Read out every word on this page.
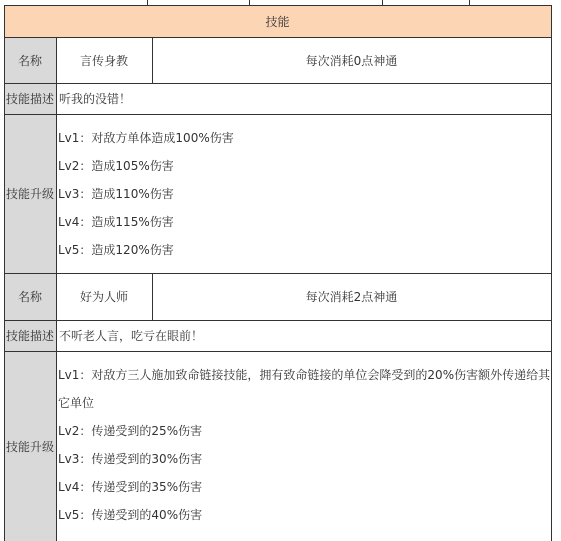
技能
名称	言传身教	每次消耗0点神通
技能描述 听我的没错！
技能升级
Lv1：对敌方单体造成100%伤害
Lv2：造成105%伤害
Lv3：造成110%伤害
Lv4：造成115%伤害
Lv5：造成120%伤害
名称	好为人师	每次消耗2点神通
技能描述 不听老人言，吃亏在眼前！
技能升级
Lv1：对敌方三人施加致命链接技能，拥有致命链接的单位会降受到的20%伤害额外传递给其
它单位
Lv2：传递受到的25%伤害
Lv3：传递受到的30%伤害
Lv4：传递受到的35%伤害
Lv5：传递受到的40%伤害
